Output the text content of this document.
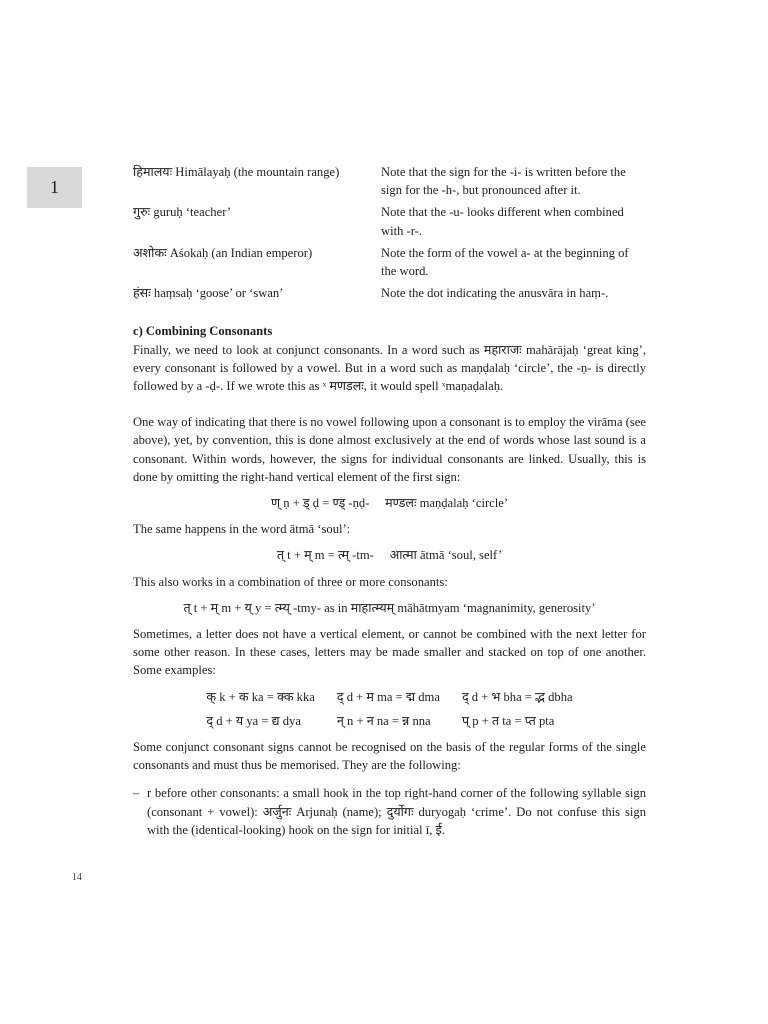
1
हिमालयः Himālayaḥ (the mountain range)	Note that the sign for the -i- is written before the sign for the -h-, but pronounced after it.
गुरुः guruḥ ‘teacher’	Note that the -u- looks different when combined with -r-.
अशोकः Aśokaḥ (an Indian emperor)	Note the form of the vowel a- at the beginning of the word.
हंसः haṃsaḥ ‘goose’ or ‘swan’	Note the dot indicating the anusvāra in haṃ-.
c) Combining Consonants

Finally, we need to look at conjunct consonants. In a word such as महाराजः mahārājaḥ ‘great king’, every consonant is followed by a vowel. But in a word such as maṇḍalaḥ ‘circle’, the -ṇ- is directly followed by a -ḍ-. If we wrote this as ˣ मणडलः, it would spell ˣmaṇaḍalaḥ.

One way of indicating that there is no vowel following upon a consonant is to employ the virāma (see above), yet, by convention, this is done almost exclusively at the end of words whose last sound is a consonant. Within words, however, the signs for individual consonants are linked. Usually, this is done by omitting the right-hand vertical element of the first sign:

ण् ṇ + ड् ḍ = ण्ड् -ṇḍ-     मण्डलः maṇḍalaḥ ‘circle’

The same happens in the word ātmā ‘soul’:

त् t + म् m = त्म् -tm-     आत्मा ātmā ‘soul, self’

This also works in a combination of three or more consonants:

त् t + म् m + य् y = त्म्य् -tmy- as in माहात्म्यम् māhātmyam ‘magnanimity, generosity’

Sometimes, a letter does not have a vertical element, or cannot be combined with the next letter for some other reason. In these cases, letters may be made smaller and stacked on top of one another. Some examples:

क् k + क ka = क्क kka द् d + म ma = द्म dma द् d + भ bha = द्भ dbha
द् d + य ya = द्य dya	न् n + न na = न्न nna	प् p + त ta = प्त pta

Some conjunct consonant signs cannot be recognised on the basis of the regular forms of the single consonants and must thus be memorised. They are the following:

– r before other consonants: a small hook in the top right-hand corner of the following syllable sign (consonant + vowel): अर्जुनः Arjunaḥ (name); दुर्योगः duryogaḥ ‘crime’. Do not confuse this sign with the (identical-looking) hook on the sign for initial ī, ई.
14
